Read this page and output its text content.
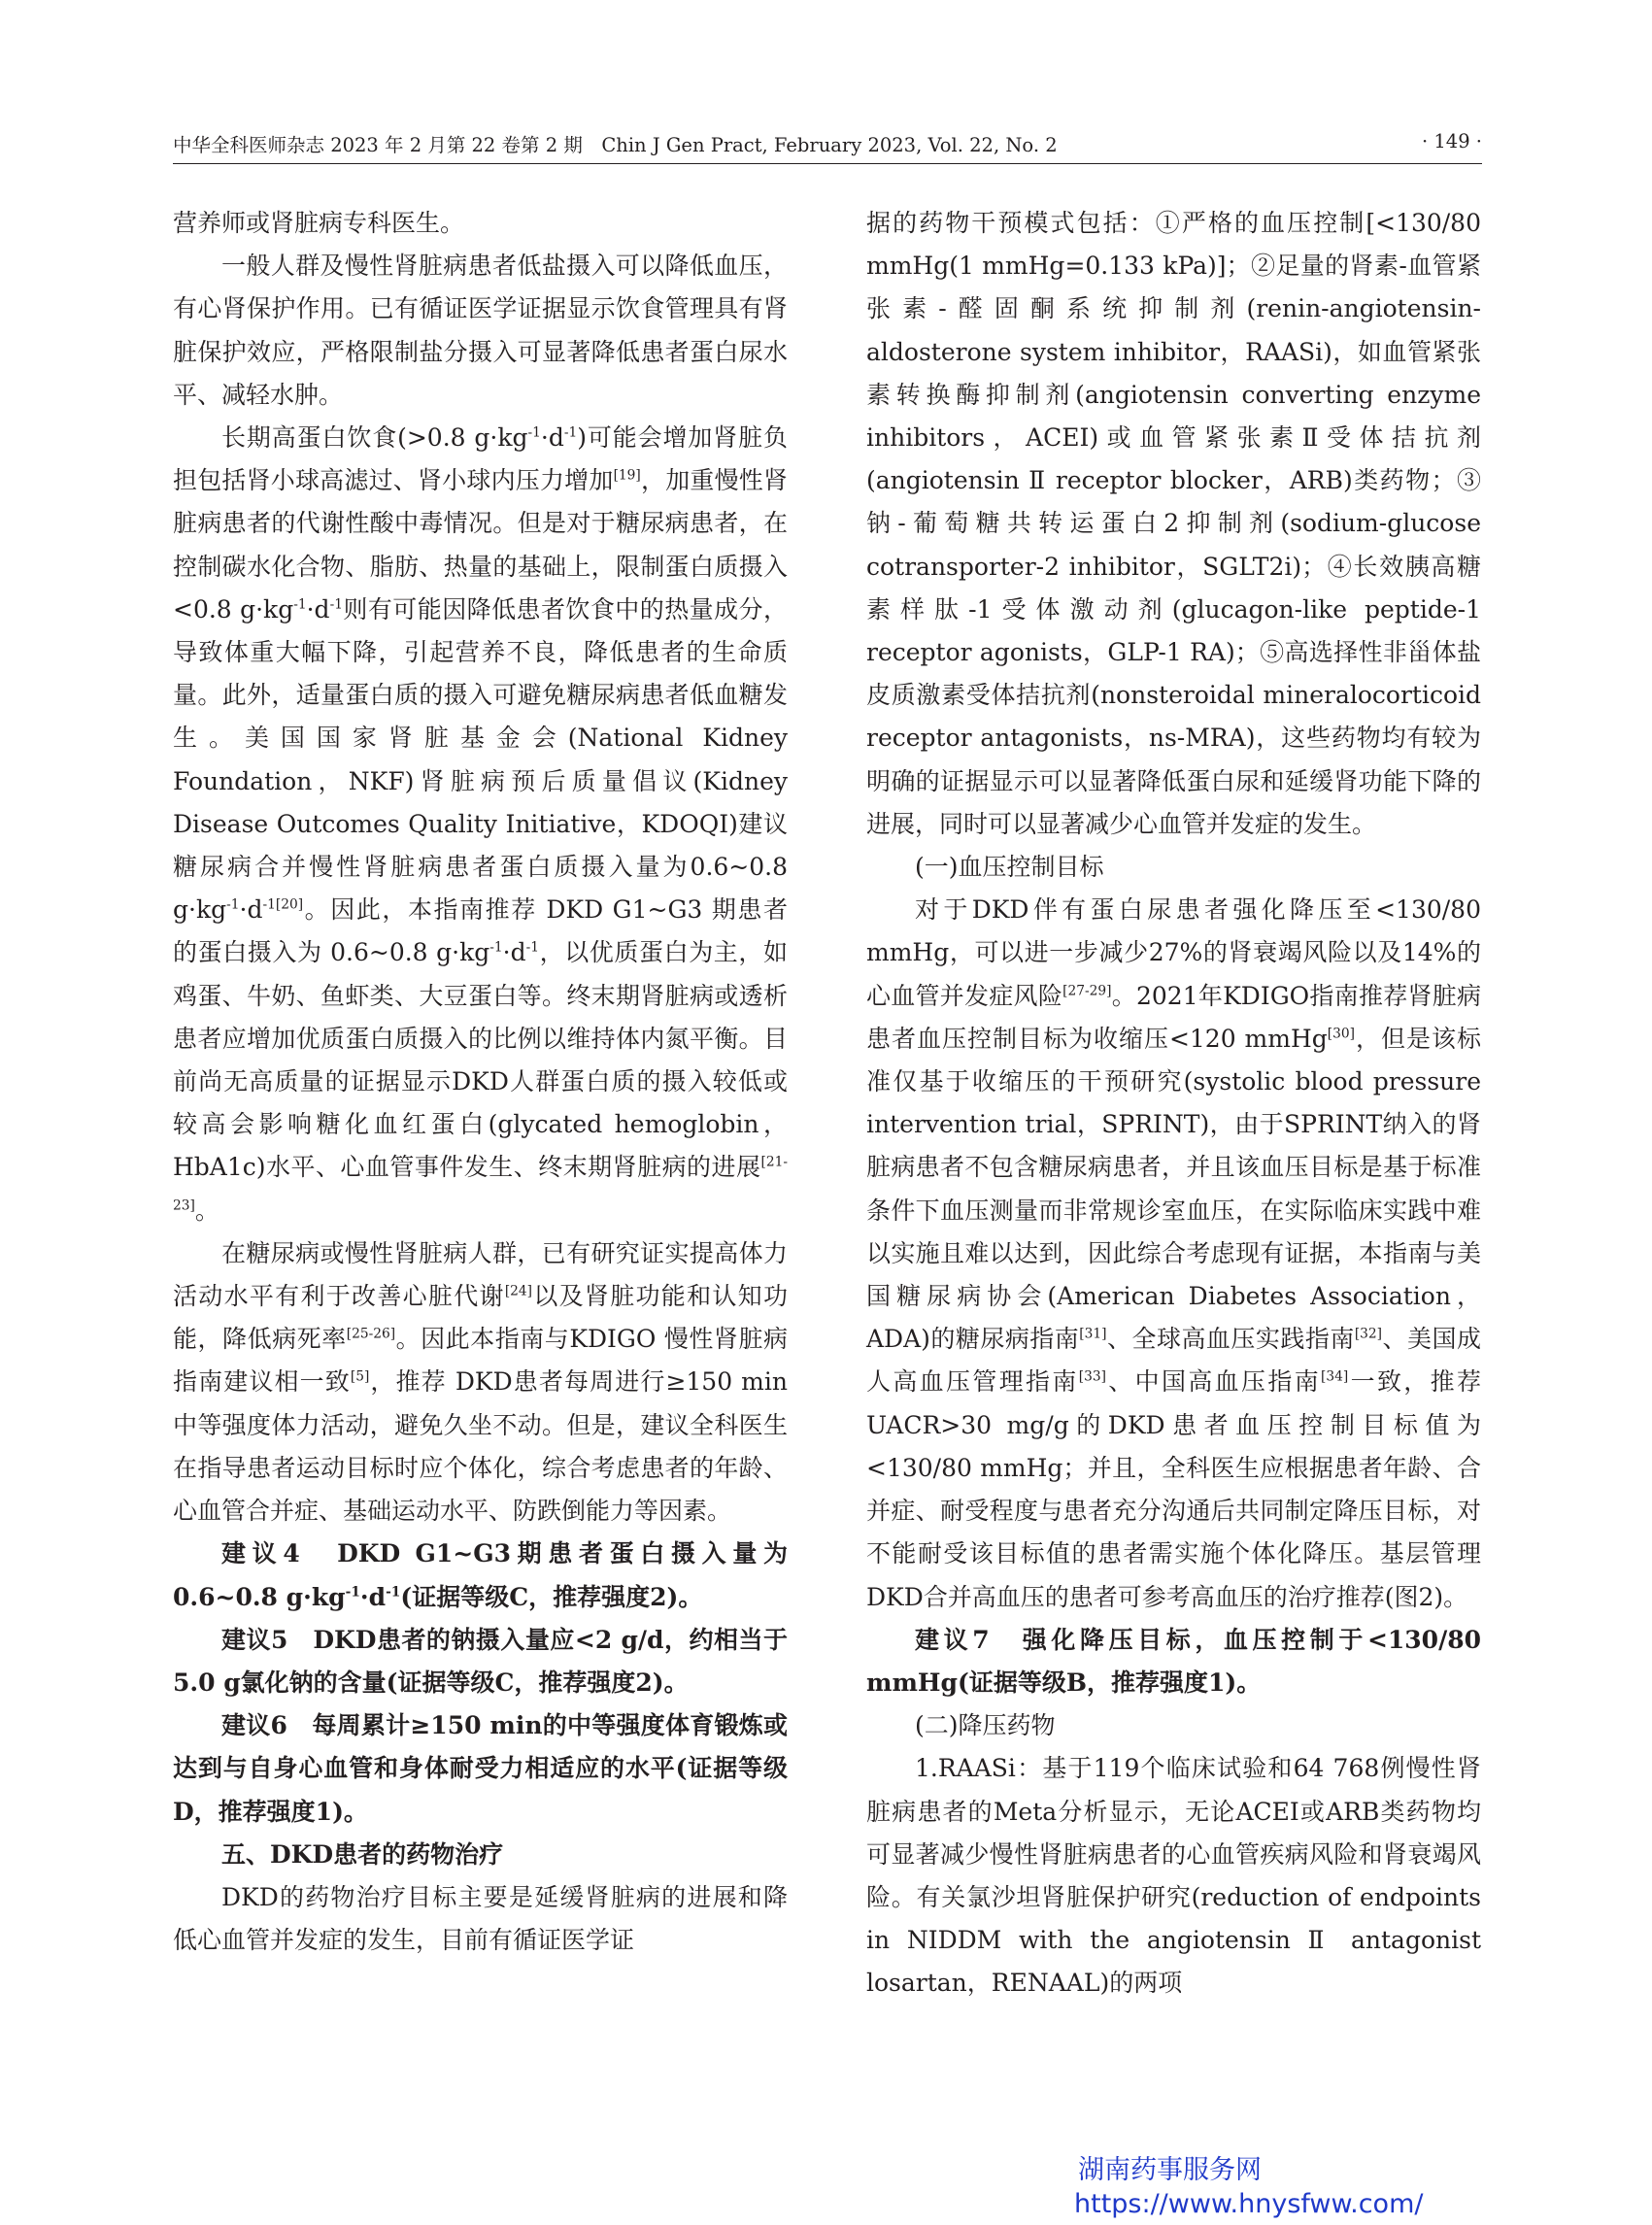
中华全科医师杂志 2023 年 2 月第 22 卷第 2 期　Chin J Gen Pract, February 2023, Vol. 22, No. 2	· 149 ·

营养师或肾脏病专科医生。

一般人群及慢性肾脏病患者低盐摄入可以降低血压，有心肾保护作用。已有循证医学证据显示饮食管理具有肾脏保护效应，严格限制盐分摄入可显著降低患者蛋白尿水平、减轻水肿。

长期高蛋白饮食(>0.8 $g\cdot kg^{-1}\cdot d^{-1}$)可能会增加肾脏负担包括肾小球高滤过、肾小球内压力增加[19]，加重慢性肾脏病患者的代谢性酸中毒情况。但是对于糖尿病患者，在控制碳水化合物、脂肪、热量的基础上，限制蛋白质摄入<0.8 $g\cdot kg^{-1}\cdot d^{-1}$则有可能因降低患者饮食中的热量成分，导致体重大幅下降，引起营养不良，降低患者的生命质量。此外，适量蛋白质的摄入可避免糖尿病患者低血糖发生。美国国家肾脏基金会(National Kidney Foundation，NKF)肾脏病预后质量倡议(Kidney Disease Outcomes Quality Initiative，KDOQI)建议糖尿病合并慢性肾脏病患者蛋白质摄入量为0.6~0.8 $g\cdot kg^{-1}\cdot d^{-1[20]}$。因此，本指南推荐 DKD G1~G3 期患者的蛋白摄入为 0.6~0.8 $g\cdot kg^{-1}\cdot d^{-1}$，以优质蛋白为主，如鸡蛋、牛奶、鱼虾类、大豆蛋白等。终末期肾脏病或透析患者应增加优质蛋白质摄入的比例以维持体内氮平衡。目前尚无高质量的证据显示DKD人群蛋白质的摄入较低或较高会影响糖化血红蛋白(glycated hemoglobin，HbA1c)水平、心血管事件发生、终末期肾脏病的进展[21-23]。

在糖尿病或慢性肾脏病人群，已有研究证实提高体力活动水平有利于改善心脏代谢[24]以及肾脏功能和认知功能，降低病死率[25-26]。因此本指南与KDIGO 慢性肾脏病指南建议相一致[5]，推荐 DKD患者每周进行≥150 min中等强度体力活动，避免久坐不动。但是，建议全科医生在指导患者运动目标时应个体化，综合考虑患者的年龄、心血管合并症、基础运动水平、防跌倒能力等因素。

建议4　DKD G1~G3期患者蛋白摄入量为0.6~0.8 $g\cdot kg^{-1}\cdot d^{-1}$(证据等级C，推荐强度2)。

建议5　DKD患者的钠摄入量应<2 g/d，约相当于5.0 g氯化钠的含量(证据等级C，推荐强度2)。

建议6　每周累计≥150 min的中等强度体育锻炼或达到与自身心血管和身体耐受力相适应的水平(证据等级D，推荐强度1)。

五、DKD患者的药物治疗

DKD的药物治疗目标主要是延缓肾脏病的进展和降低心血管并发症的发生，目前有循证医学证

据的药物干预模式包括：①严格的血压控制[<130/80 mmHg(1 mmHg=0.133 kPa)]；②足量的肾素-血管紧张素-醛固酮系统抑制剂(renin-angiotensin-aldosterone system inhibitor，RAASi)，如血管紧张素转换酶抑制剂(angiotensin converting enzyme inhibitors，ACEI)或血管紧张素Ⅱ受体拮抗剂(angiotensin Ⅱ receptor blocker，ARB)类药物；③钠-葡萄糖共转运蛋白2抑制剂(sodium-glucose cotransporter-2 inhibitor，SGLT2i)；④长效胰高糖素样肽-1受体激动剂(glucagon-like peptide-1 receptor agonists，GLP-1 RA)；⑤高选择性非甾体盐皮质激素受体拮抗剂(nonsteroidal mineralocorticoid receptor antagonists，ns-MRA)，这些药物均有较为明确的证据显示可以显著降低蛋白尿和延缓肾功能下降的进展，同时可以显著减少心血管并发症的发生。

(一)血压控制目标

对于DKD伴有蛋白尿患者强化降压至<130/80 mmHg，可以进一步减少27%的肾衰竭风险以及14%的心血管并发症风险[27-29]。2021年KDIGO指南推荐肾脏病患者血压控制目标为收缩压<120 mmHg[30]，但是该标准仅基于收缩压的干预研究(systolic blood pressure intervention trial，SPRINT)，由于SPRINT纳入的肾脏病患者不包含糖尿病患者，并且该血压目标是基于标准条件下血压测量而非常规诊室血压，在实际临床实践中难以实施且难以达到，因此综合考虑现有证据，本指南与美国糖尿病协会(American Diabetes Association，ADA)的糖尿病指南[31]、全球高血压实践指南[32]、美国成人高血压管理指南[33]、中国高血压指南[34]一致，推荐UACR>30 mg/g的DKD患者血压控制目标值为<130/80 mmHg；并且，全科医生应根据患者年龄、合并症、耐受程度与患者充分沟通后共同制定降压目标，对不能耐受该目标值的患者需实施个体化降压。基层管理DKD合并高血压的患者可参考高血压的治疗推荐(图2)。

建议7　强化降压目标，血压控制于<130/80 mmHg(证据等级B，推荐强度1)。

(二)降压药物

1.RAASi：基于119个临床试验和64 768例慢性肾脏病患者的Meta分析显示，无论ACEI或ARB类药物均可显著减少慢性肾脏病患者的心血管疾病风险和肾衰竭风险。有关氯沙坦肾脏保护研究(reduction of endpoints in NIDDM with the angiotensin Ⅱ antagonist losartan，RENAAL)的两项

湖南药事服务网
https://www.hnysfww.com/
